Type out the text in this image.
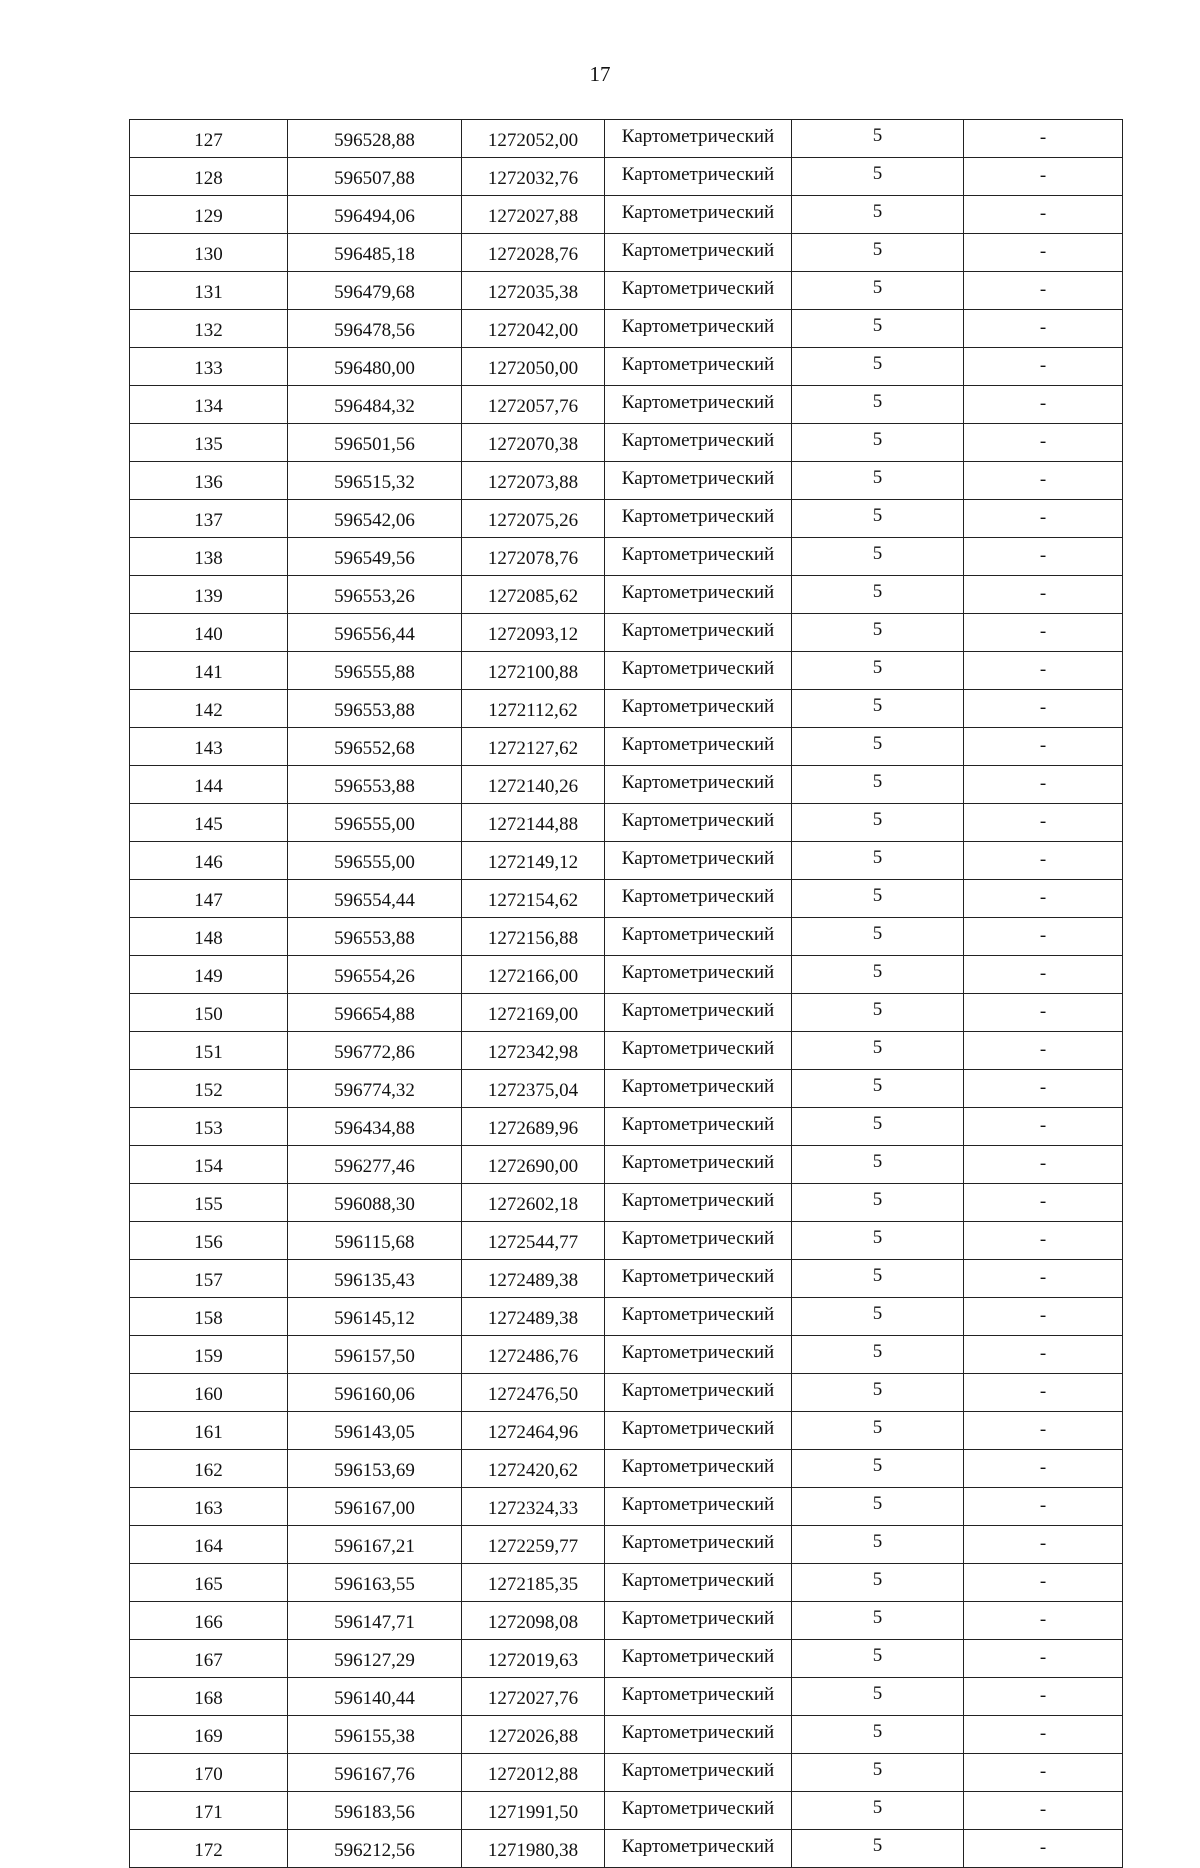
17
127	596528,88	1272052,00	Картометрический	5	-
128	596507,88	1272032,76	Картометрический	5	-
129	596494,06	1272027,88	Картометрический	5	-
130	596485,18	1272028,76	Картометрический	5	-
131	596479,68	1272035,38	Картометрический	5	-
132	596478,56	1272042,00	Картометрический	5	-
133	596480,00	1272050,00	Картометрический	5	-
134	596484,32	1272057,76	Картометрический	5	-
135	596501,56	1272070,38	Картометрический	5	-
136	596515,32	1272073,88	Картометрический	5	-
137	596542,06	1272075,26	Картометрический	5	-
138	596549,56	1272078,76	Картометрический	5	-
139	596553,26	1272085,62	Картометрический	5	-
140	596556,44	1272093,12	Картометрический	5	-
141	596555,88	1272100,88	Картометрический	5	-
142	596553,88	1272112,62	Картометрический	5	-
143	596552,68	1272127,62	Картометрический	5	-
144	596553,88	1272140,26	Картометрический	5	-
145	596555,00	1272144,88	Картометрический	5	-
146	596555,00	1272149,12	Картометрический	5	-
147	596554,44	1272154,62	Картометрический	5	-
148	596553,88	1272156,88	Картометрический	5	-
149	596554,26	1272166,00	Картометрический	5	-
150	596654,88	1272169,00	Картометрический	5	-
151	596772,86	1272342,98	Картометрический	5	-
152	596774,32	1272375,04	Картометрический	5	-
153	596434,88	1272689,96	Картометрический	5	-
154	596277,46	1272690,00	Картометрический	5	-
155	596088,30	1272602,18	Картометрический	5	-
156	596115,68	1272544,77	Картометрический	5	-
157	596135,43	1272489,38	Картометрический	5	-
158	596145,12	1272489,38	Картометрический	5	-
159	596157,50	1272486,76	Картометрический	5	-
160	596160,06	1272476,50	Картометрический	5	-
161	596143,05	1272464,96	Картометрический	5	-
162	596153,69	1272420,62	Картометрический	5	-
163	596167,00	1272324,33	Картометрический	5	-
164	596167,21	1272259,77	Картометрический	5	-
165	596163,55	1272185,35	Картометрический	5	-
166	596147,71	1272098,08	Картометрический	5	-
167	596127,29	1272019,63	Картометрический	5	-
168	596140,44	1272027,76	Картометрический	5	-
169	596155,38	1272026,88	Картометрический	5	-
170	596167,76	1272012,88	Картометрический	5	-
171	596183,56	1271991,50	Картометрический	5	-
172	596212,56	1271980,38	Картометрический	5	-
